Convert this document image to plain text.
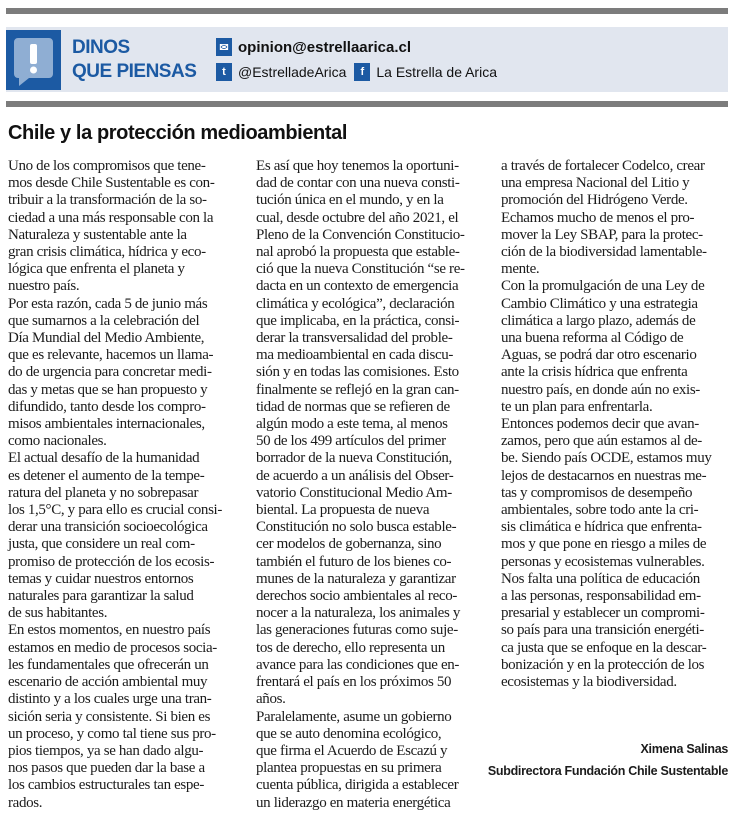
DINOS
QUE PIENSAS
✉ opinion@estrellaarica.cl
t @EstrelladeArica	f La Estrella de Arica
Chile y la protección medioambiental
Uno de los compromisos que tene-
mos desde Chile Sustentable es con-
tribuir a la transformación de la so-
ciedad a una más responsable con la
Naturaleza y sustentable ante la
gran crisis climática, hídrica y eco-
lógica que enfrenta el planeta y
nuestro país.
Por esta razón, cada 5 de junio más
que sumarnos a la celebración del
Día Mundial del Medio Ambiente,
que es relevante, hacemos un llama-
do de urgencia para concretar medi-
das y metas que se han propuesto y
difundido, tanto desde los compro-
misos ambientales internacionales,
como nacionales.
El actual desafío de la humanidad
es detener el aumento de la tempe-
ratura del planeta y no sobrepasar
los 1,5°C, y para ello es crucial consi-
derar una transición socioecológica
justa, que considere un real com-
promiso de protección de los ecosis-
temas y cuidar nuestros entornos
naturales para garantizar la salud
de sus habitantes.
En estos momentos, en nuestro país
estamos en medio de procesos socia-
les fundamentales que ofrecerán un
escenario de acción ambiental muy
distinto y a los cuales urge una tran-
sición seria y consistente. Si bien es
un proceso, y como tal tiene sus pro-
pios tiempos, ya se han dado algu-
nos pasos que pueden dar la base a
los cambios estructurales tan espe-
rados.
Es así que hoy tenemos la oportuni-
dad de contar con una nueva consti-
tución única en el mundo, y en la
cual, desde octubre del año 2021, el
Pleno de la Convención Constitucio-
nal aprobó la propuesta que estable-
ció que la nueva Constitución “se re-
dacta en un contexto de emergencia
climática y ecológica”, declaración
que implicaba, en la práctica, consi-
derar la transversalidad del proble-
ma medioambiental en cada discu-
sión y en todas las comisiones. Esto
finalmente se reflejó en la gran can-
tidad de normas que se refieren de
algún modo a este tema, al menos
50 de los 499 artículos del primer
borrador de la nueva Constitución,
de acuerdo a un análisis del Obser-
vatorio Constitucional Medio Am-
biental. La propuesta de nueva
Constitución no solo busca estable-
cer modelos de gobernanza, sino
también el futuro de los bienes co-
munes de la naturaleza y garantizar
derechos socio ambientales al reco-
nocer a la naturaleza, los animales y
las generaciones futuras como suje-
tos de derecho, ello representa un
avance para las condiciones que en-
frentará el país en los próximos 50
años.
Paralelamente, asume un gobierno
que se auto denomina ecológico,
que firma el Acuerdo de Escazú y
plantea propuestas en su primera
cuenta pública, dirigida a establecer
un liderazgo en materia energética
a través de fortalecer Codelco, crear
una empresa Nacional del Litio y
promoción del Hidrógeno Verde.
Echamos mucho de menos el pro-
mover la Ley SBAP, para la protec-
ción de la biodiversidad lamentable-
mente.
Con la promulgación de una Ley de
Cambio Climático y una estrategia
climática a largo plazo, además de
una buena reforma al Código de
Aguas, se podrá dar otro escenario
ante la crisis hídrica que enfrenta
nuestro país, en donde aún no exis-
te un plan para enfrentarla.
Entonces podemos decir que avan-
zamos, pero que aún estamos al de-
be. Siendo país OCDE, estamos muy
lejos de destacarnos en nuestras me-
tas y compromisos de desempeño
ambientales, sobre todo ante la cri-
sis climática e hídrica que enfrenta-
mos y que pone en riesgo a miles de
personas y ecosistemas vulnerables.
Nos falta una política de educación
a las personas, responsabilidad em-
presarial y establecer un compromi-
so país para una transición energéti-
ca justa que se enfoque en la descar-
bonización y en la protección de los
ecosistemas y la biodiversidad.
Ximena Salinas
Subdirectora Fundación Chile Sustentable
